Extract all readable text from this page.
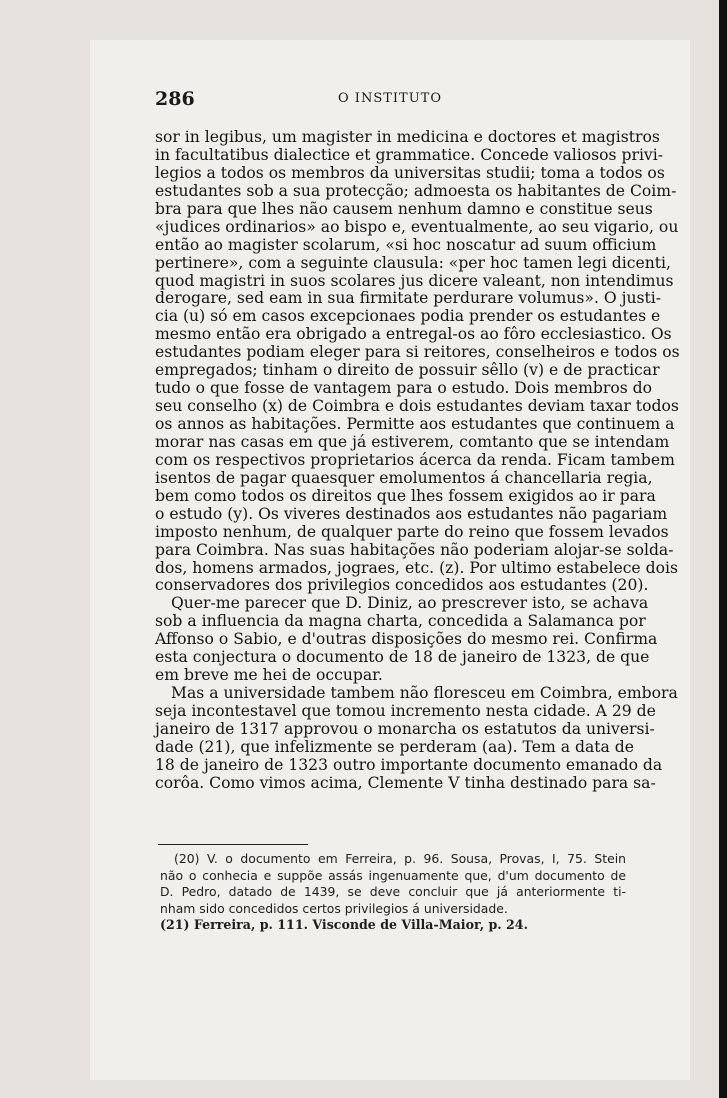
286	O INSTITUTO
sor in legibus, um magister in medicina e doctores et magistros
in facultatibus dialectice et grammatice. Concede valiosos privi-
legios a todos os membros da universitas studii; toma a todos os
estudantes sob a sua protecção; admoesta os habitantes de Coim-
bra para que lhes não causem nenhum damno e constitue seus
«judices ordinarios» ao bispo e, eventualmente, ao seu vigario, ou
então ao magister scolarum, «si hoc noscatur ad suum officium
pertinere», com a seguinte clausula: «per hoc tamen legi dicenti,
quod magistri in suos scolares jus dicere valeant, non intendimus
derogare, sed eam in sua firmitate perdurare volumus». O justi-
cia (u) só em casos excepcionaes podia prender os estudantes e
mesmo então era obrigado a entregal-os ao fôro ecclesiastico. Os
estudantes podiam eleger para si reitores, conselheiros e todos os
empregados; tinham o direito de possuir sêllo (v) e de practicar
tudo o que fosse de vantagem para o estudo. Dois membros do
seu conselho (x) de Coimbra e dois estudantes deviam taxar todos
os annos as habitações. Permitte aos estudantes que continuem a
morar nas casas em que já estiverem, comtanto que se intendam
com os respectivos proprietarios ácerca da renda. Ficam tambem
isentos de pagar quaesquer emolumentos á chancellaria regia,
bem como todos os direitos que lhes fossem exigidos ao ir para
o estudo (y). Os viveres destinados aos estudantes não pagariam
imposto nenhum, de qualquer parte do reino que fossem levados
para Coimbra. Nas suas habitações não poderiam alojar-se solda-
dos, homens armados, jograes, etc. (z). Por ultimo estabelece dois
conservadores dos privilegios concedidos aos estudantes (20).
Quer-me parecer que D. Diniz, ao prescrever isto, se achava
sob a influencia da magna charta, concedida a Salamanca por
Affonso o Sabio, e d'outras disposições do mesmo rei. Confirma
esta conjectura o documento de 18 de janeiro de 1323, de que
em breve me hei de occupar.
Mas a universidade tambem não floresceu em Coimbra, embora
seja incontestavel que tomou incremento nesta cidade. A 29 de
janeiro de 1317 approvou o monarcha os estatutos da universi-
dade (21), que infelizmente se perderam (aa). Tem a data de
18 de janeiro de 1323 outro importante documento emanado da
corôa. Como vimos acima, Clemente V tinha destinado para sa-
(20) V. o documento em Ferreira, p. 96. Sousa, Provas, I, 75. Stein
não o conhecia e suppõe assás ingenuamente que, d'um documento de
D. Pedro, datado de 1439, se deve concluir que já anteriormente ti-
nham sido concedidos certos privilegios á universidade.
(21) Ferreira, p. 111. Visconde de Villa-Maior, p. 24.
